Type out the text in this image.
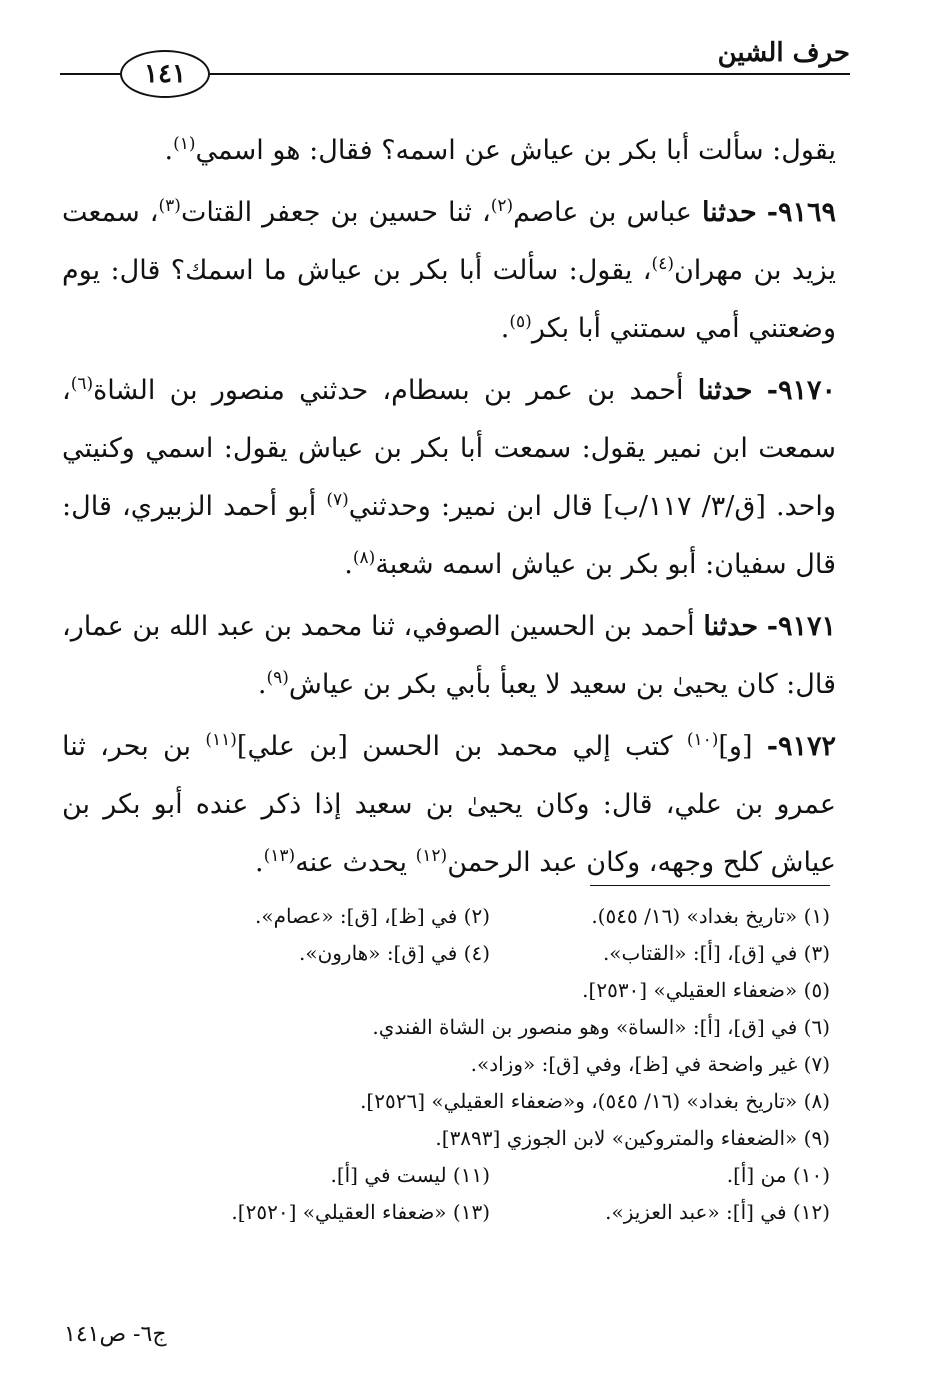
١٤١
حرف الشين

يقول: سألت أبا بكر بن عياش عن اسمه؟ فقال: هو اسمي$^{(١)}$.

٩١٦٩- حدثنا عباس بن عاصم$^{(٢)}$، ثنا حسين بن جعفر القتات$^{(٣)}$، سمعت يزيد بن مهران$^{(٤)}$، يقول: سألت أبا بكر بن عياش ما اسمك؟ قال: يوم وضعتني أمي سمتني أبا بكر$^{(٥)}$.

٩١٧٠- حدثنا أحمد بن عمر بن بسطام، حدثني منصور بن الشاة$^{(٦)}$، سمعت ابن نمير يقول: سمعت أبا بكر بن عياش يقول: اسمي وكنيتي واحد. [ق/٣/ ١١٧/ب] قال ابن نمير: وحدثني$^{(٧)}$ أبو أحمد الزبيري، قال: قال سفيان: أبو بكر بن عياش اسمه شعبة$^{(٨)}$.

٩١٧١- حدثنا أحمد بن الحسين الصوفي، ثنا محمد بن عبد الله بن عمار، قال: كان يحيىٰ بن سعيد لا يعبأ بأبي بكر بن عياش$^{(٩)}$.

٩١٧٢- [و]$^{(١٠)}$ كتب إلي محمد بن الحسن [بن علي]$^{(١١)}$ بن بحر، ثنا عمرو بن علي، قال: وكان يحيىٰ بن سعيد إذا ذكر عنده أبو بكر بن عياش كلح وجهه، وكان عبد الرحمن$^{(١٢)}$ يحدث عنه$^{(١٣)}$.

(١) «تاريخ بغداد» (١٦/ ٥٤٥).
(٢) في [ظ]، [ق]: «عصام».
(٣) في [ق]، [أ]: «القتاب».
(٤) في [ق]: «هارون».
(٥) «ضعفاء العقيلي» [٢٥٣٠].
(٦) في [ق]، [أ]: «الساة» وهو منصور بن الشاة الفندي.
(٧) غير واضحة في [ظ]، وفي [ق]: «وزاد».
(٨) «تاريخ بغداد» (١٦/ ٥٤٥)، و«ضعفاء العقيلي» [٢٥٢٦].
(٩) «الضعفاء والمتروكين» لابن الجوزي [٣٨٩٣].
(١٠) من [أ].
(١١) ليست في [أ].
(١٢) في [أ]: «عبد العزيز».
(١٣) «ضعفاء العقيلي» [٢٥٢٠].
ج٦- ص١٤١
